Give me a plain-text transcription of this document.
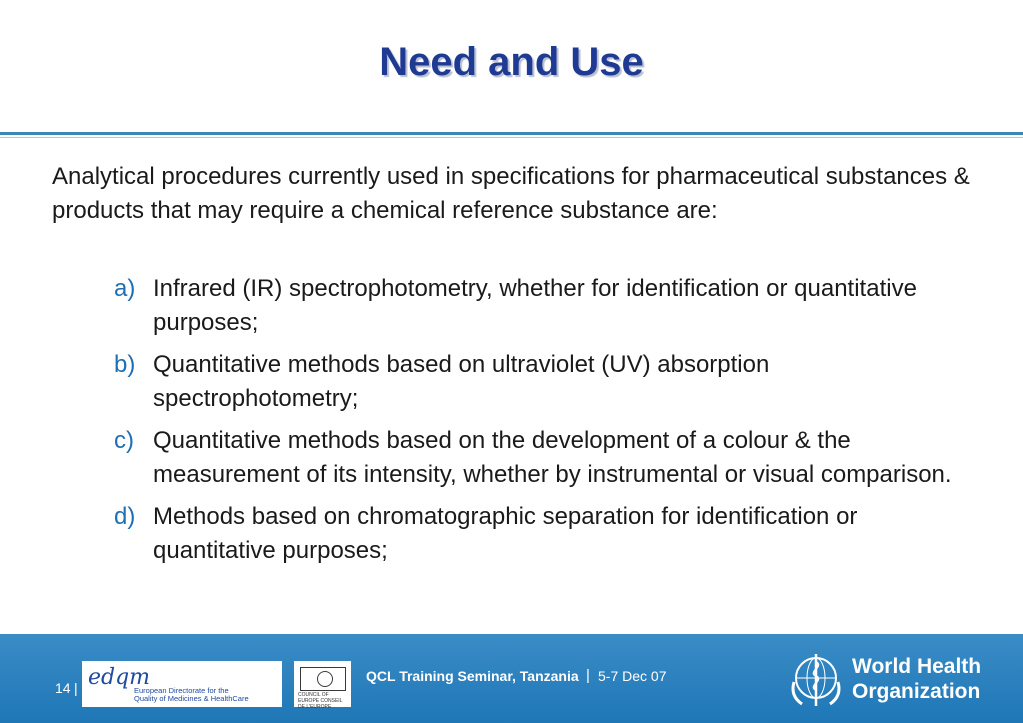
Need and Use
Analytical procedures currently used in specifications for pharmaceutical substances & products that may require a chemical reference substance are:
a) Infrared (IR) spectrophotometry, whether for identification or quantitative purposes;
b) Quantitative methods based on ultraviolet (UV) absorption spectrophotometry;
c) Quantitative methods based on the development of a colour & the measurement of its intensity, whether by instrumental or visual comparison.
d) Methods based on chromatographic separation for identification or quantitative purposes;
14 | edqm
European Directorate for the
Quality of Medicines & HealthCare	COUNCIL OF EUROPE CONSEIL DE L'EUROPE
QCL Training Seminar, Tanzania | 5-7 Dec 07	World Health
Organization
